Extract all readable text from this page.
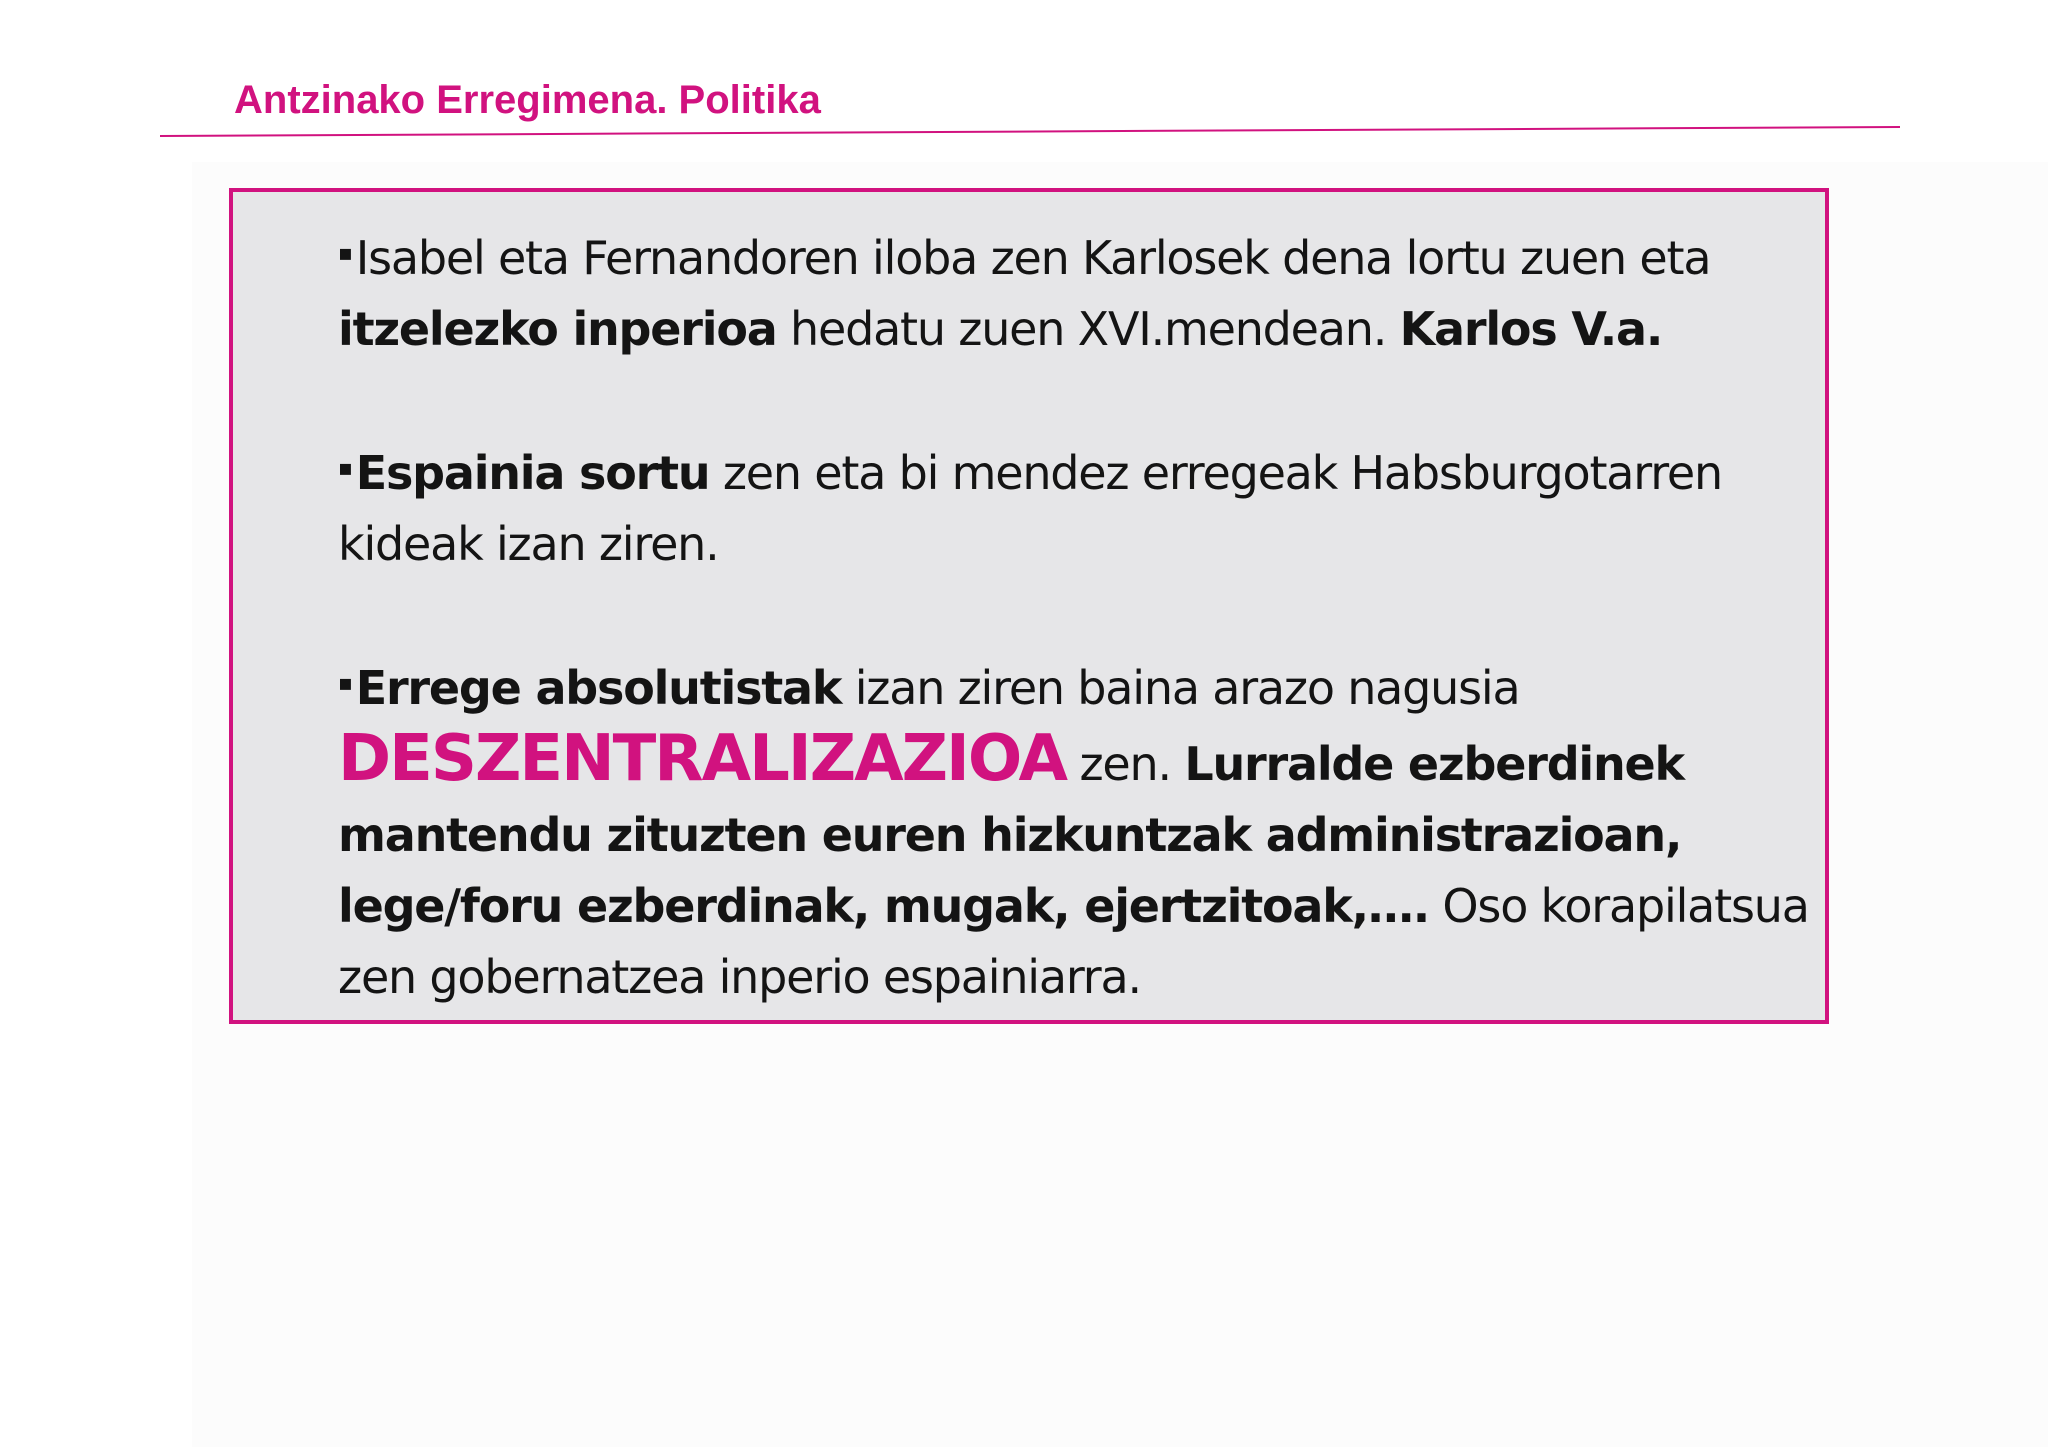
Antzinako Erregimena. Politika

▪Isabel eta Fernandoren iloba zen Karlosek dena lortu zuen eta itzelezko inperioa hedatu zuen XVI.mendean. Karlos V.a.

▪Espainia sortu zen eta bi mendez erregeak Habsburgotarren kideak izan ziren.

▪Errege absolutistak izan ziren baina arazo nagusia DESZENTRALIZAZIOA zen. Lurralde ezberdinek mantendu zituzten euren hizkuntzak administrazioan, lege/foru ezberdinak, mugak, ejertzitoak,…. Oso korapilatsua zen gobernatzea inperio espainiarra.
